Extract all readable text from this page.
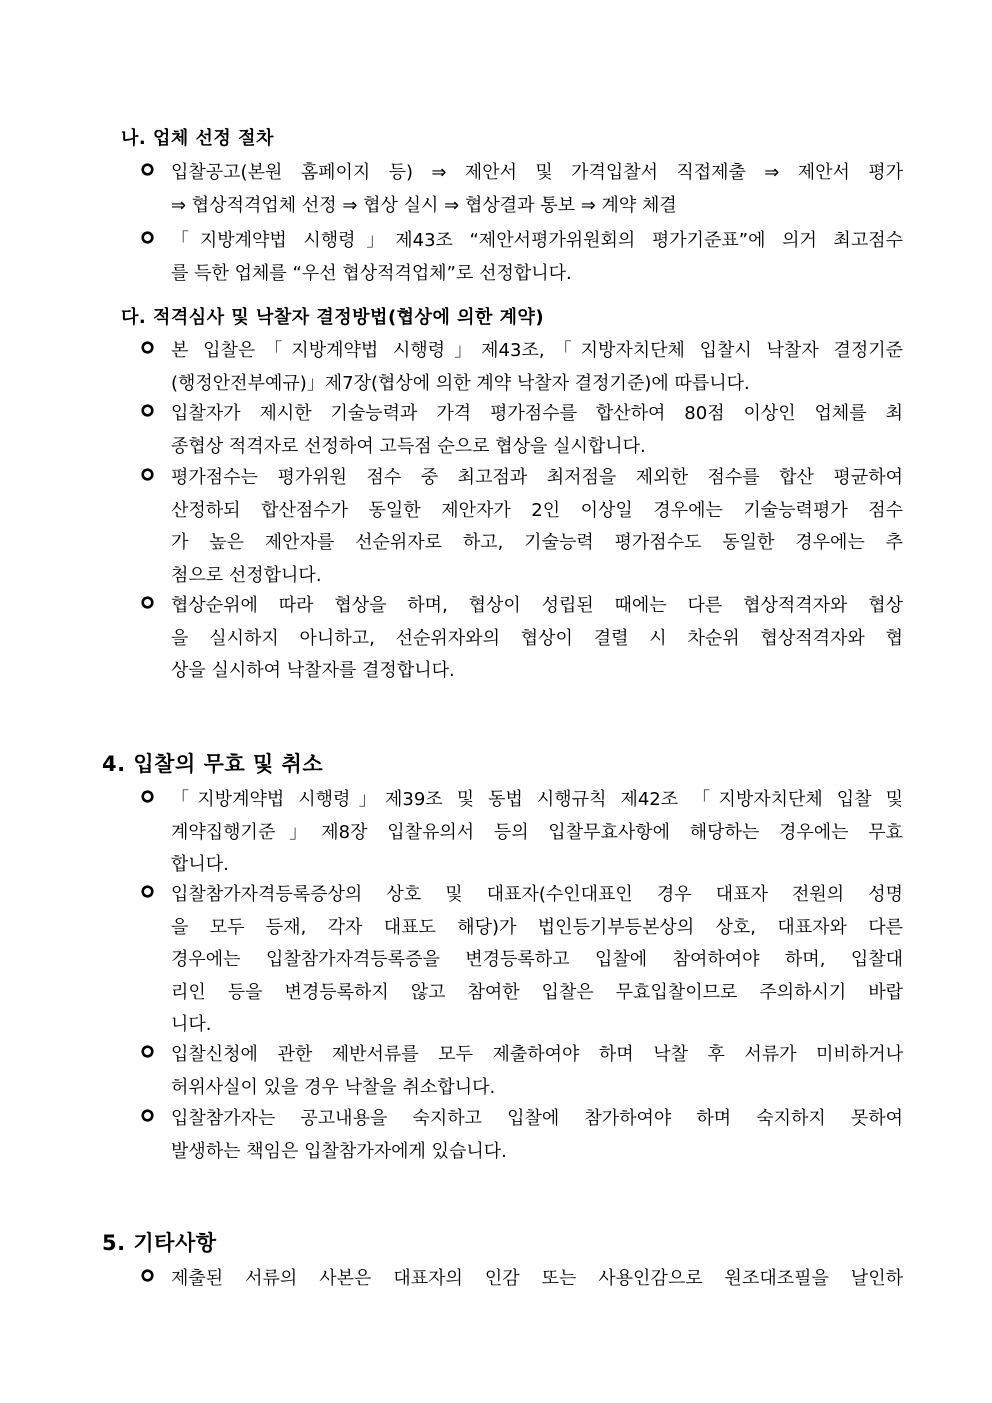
나. 업체 선정 절차
입찰공고(본원 홈페이지 등) ⇒ 제안서 및 가격입찰서 직접제출 ⇒ 제안서 평가
⇒ 협상적격업체 선정 ⇒ 협상 실시 ⇒ 협상결과 통보 ⇒ 계약 체결
「지방계약법 시행령」제43조 “제안서평가위원회의 평가기준표”에 의거 최고점수
를 득한 업체를 “우선 협상적격업체”로 선정합니다.
다. 적격심사 및 낙찰자 결정방법(협상에 의한 계약)
본 입찰은「지방계약법 시행령」제43조,「지방자치단체 입찰시 낙찰자 결정기준
(행정안전부예규)」제7장(협상에 의한 계약 낙찰자 결정기준)에 따릅니다.
입찰자가 제시한 기술능력과 가격 평가점수를 합산하여 80점 이상인 업체를 최
종협상 적격자로 선정하여 고득점 순으로 협상을 실시합니다.
평가점수는 평가위원 점수 중 최고점과 최저점을 제외한 점수를 합산 평균하여
산정하되 합산점수가 동일한 제안자가 2인 이상일 경우에는 기술능력평가 점수
가 높은 제안자를 선순위자로 하고, 기술능력 평가점수도 동일한 경우에는 추
첨으로 선정합니다.
협상순위에 따라 협상을 하며, 협상이 성립된 때에는 다른 협상적격자와 협상
을 실시하지 아니하고, 선순위자와의 협상이 결렬 시 차순위 협상적격자와 협
상을 실시하여 낙찰자를 결정합니다.
4. 입찰의 무효 및 취소
「지방계약법 시행령」제39조 및 동법 시행규칙 제42조 「지방자치단체 입찰 및
계약집행기준」제8장 입찰유의서 등의 입찰무효사항에 해당하는 경우에는 무효
합니다.
입찰참가자격등록증상의 상호 및 대표자(수인대표인 경우 대표자 전원의 성명
을 모두 등재, 각자 대표도 해당)가 법인등기부등본상의 상호, 대표자와 다른
경우에는 입찰참가자격등록증을 변경등록하고 입찰에 참여하여야 하며, 입찰대
리인 등을 변경등록하지 않고 참여한 입찰은 무효입찰이므로 주의하시기 바랍
니다.
입찰신청에 관한 제반서류를 모두 제출하여야 하며 낙찰 후 서류가 미비하거나
허위사실이 있을 경우 낙찰을 취소합니다.
입찰참가자는 공고내용을 숙지하고 입찰에 참가하여야 하며 숙지하지 못하여
발생하는 책임은 입찰참가자에게 있습니다.
5. 기타사항
제출된 서류의 사본은 대표자의 인감 또는 사용인감으로 원조대조필을 날인하
